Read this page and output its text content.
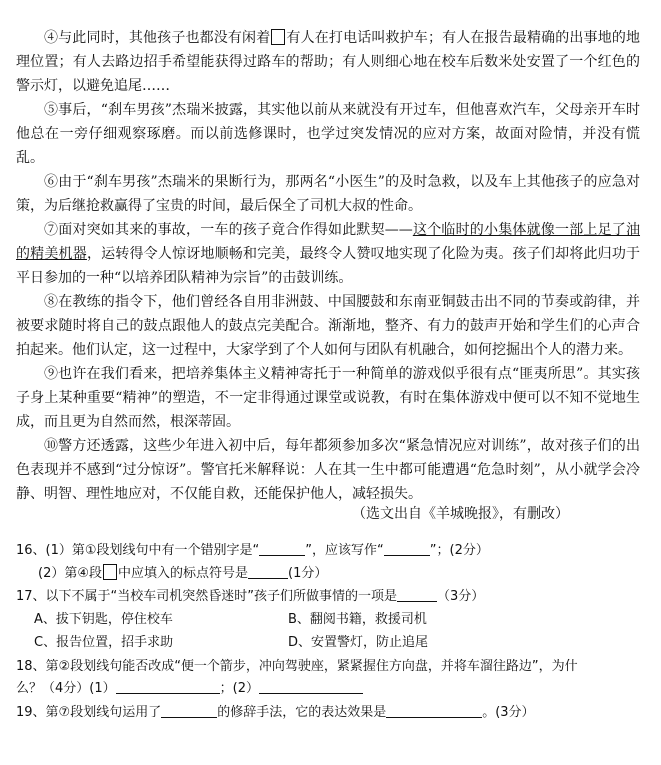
④与此同时，其他孩子也都没有闲着 有人在打电话叫救护车；有人在报告最精确的出事地的地理位置；有人去路边招手希望能获得过路车的帮助；有人则细心地在校车后数米处安置了一个红色的警示灯，以避免追尾……

⑤事后，“刹车男孩”杰瑞米披露，其实他以前从来就没有开过车，但他喜欢汽车，父母亲开车时他总在一旁仔细观察琢磨。而以前选修课时，也学过突发情况的应对方案，故面对险情，并没有慌乱。

⑥由于“刹车男孩”杰瑞米的果断行为，那两名“小医生”的及时急救，以及车上其他孩子的应急对策，为后继抢救赢得了宝贵的时间，最后保全了司机大叔的性命。

⑦面对突如其来的事故，一车的孩子竟合作得如此默契——这个临时的小集体就像一部上足了油的精美机器，运转得令人惊讶地顺畅和完美，最终令人赞叹地实现了化险为夷。孩子们却将此归功于平日参加的一种“以培养团队精神为宗旨”的击鼓训练。

⑧在教练的指令下，他们曾经各自用非洲鼓、中国腰鼓和东南亚铜鼓击出不同的节奏或韵律，并被要求随时将自己的鼓点跟他人的鼓点完美配合。渐渐地，整齐、有力的鼓声开始和学生们的心声合拍起来。他们认定，这一过程中，大家学到了个人如何与团队有机融合，如何挖掘出个人的潜力来。

⑨也许在我们看来，把培养集体主义精神寄托于一种简单的游戏似乎很有点“匪夷所思”。其实孩子身上某种重要“精神”的塑造，不一定非得通过课堂或说教，有时在集体游戏中便可以不知不觉地生成，而且更为自然而然，根深蒂固。

⑩警方还透露，这些少年进入初中后，每年都须参加多次“紧急情况应对训练”，故对孩子们的出色表现并不感到“过分惊讶”。警官托米解释说：人在其一生中都可能遭遇“危急时刻”，从小就学会冷静、明智、理性地应对，不仅能自救，还能保护他人，减轻损失。

（选文出自《羊城晚报》，有删改）
16、(1）第①段划线句中有一个错别字是“	”，应该写作“	”；(2分）
(2）第④段 中应填入的标点符号是	(1分）
17、以下不属于“当校车司机突然昏迷时”孩子们所做事情的一项是	（3分）
A、拔下钥匙，停住校车	B、翻阅书籍，救援司机
C、报告位置，招手求助	D、安置警灯，防止追尾
18、第②段划线句能否改成“便一个箭步，冲向驾驶座，紧紧握住方向盘，并将车溜往路边”，为什
么？（4分）(1）	；(2）
19、第⑦段划线句运用了	的修辞手法，它的表达效果是	。(3分）
